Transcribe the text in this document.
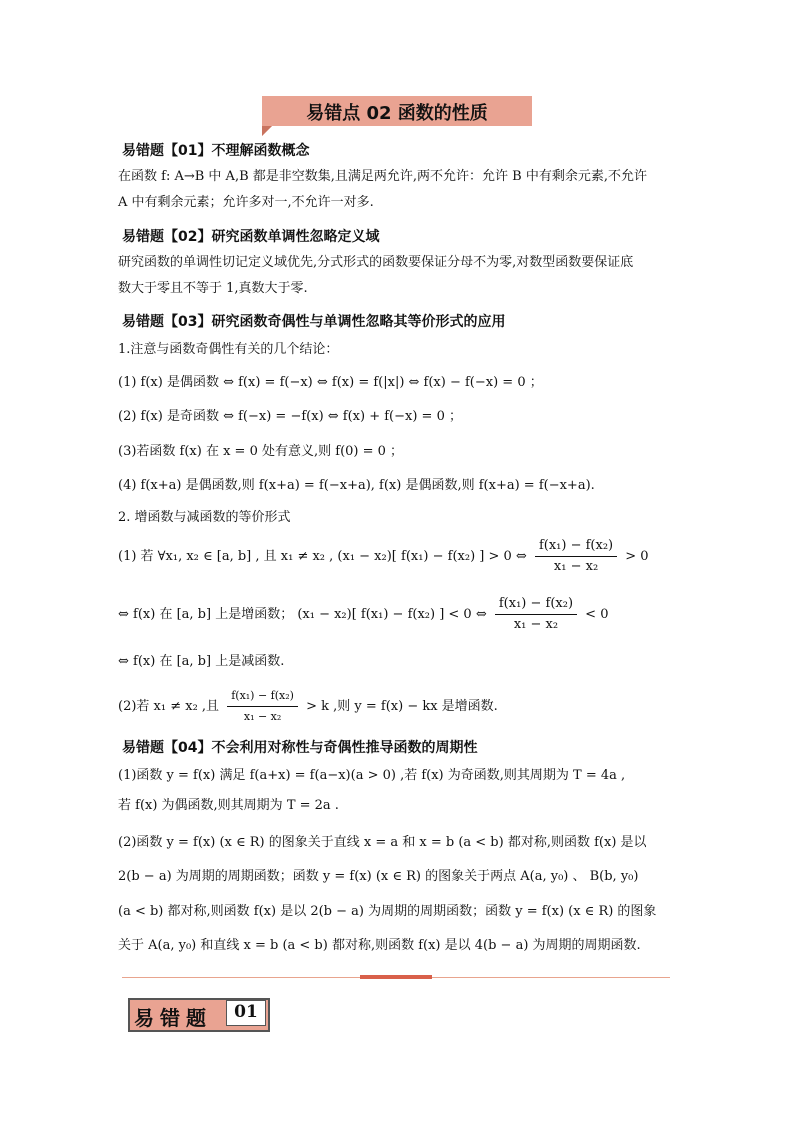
易错点 02 函数的性质
易错题【01】不理解函数概念
在函数 f: A→B 中 A,B 都是非空数集,且满足两允许,两不允许：允许 B 中有剩余元素,不允许
A 中有剩余元素；允许多对一,不允许一对多.
易错题【02】研究函数单调性忽略定义域
研究函数的单调性切记定义域优先,分式形式的函数要保证分母不为零,对数型函数要保证底
数大于零且不等于 1,真数大于零.
易错题【03】研究函数奇偶性与单调性忽略其等价形式的应用
1.注意与函数奇偶性有关的几个结论：
(1) f(x) 是偶函数 ⇔ f(x) = f(−x) ⇔ f(x) = f(|x|) ⇔ f(x) − f(−x) = 0 ；
(2) f(x) 是奇函数 ⇔ f(−x) = −f(x) ⇔ f(x) + f(−x) = 0 ；
(3)若函数 f(x) 在 x = 0 处有意义,则 f(0) = 0 ；
(4) f(x+a) 是偶函数,则 f(x+a) = f(−x+a), f(x) 是偶函数,则 f(x+a) = f(−x+a).
2. 增函数与减函数的等价形式
(1) 若 ∀x₁, x₂ ∈ [a, b] , 且 x₁ ≠ x₂ , (x₁ − x₂)[ f(x₁) − f(x₂) ] > 0 ⇔ $\frac{\text{f(x₁) − f(x₂)}}{\text{x₁ − x₂}} > 0$
⇔ f(x) 在 [a, b] 上是增函数； (x₁ − x₂)[ f(x₁) − f(x₂) ] < 0 ⇔ $\frac{\text{f(x₁) − f(x₂)}}{\text{x₁ − x₂}} < 0$
⇔ f(x) 在 [a, b] 上是减函数.
(2)若 x₁ ≠ x₂ ,且 $\frac{\text{f(x₁) − f(x₂)}}{\text{x₁ − x₂}} > k$ ,则 y = f(x) − kx 是增函数.
易错题【04】不会利用对称性与奇偶性推导函数的周期性
(1)函数 y = f(x) 满足 f(a+x) = f(a−x)(a > 0) ,若 f(x) 为奇函数,则其周期为 T = 4a ,
若 f(x) 为偶函数,则其周期为 T = 2a .
(2)函数 y = f(x) (x ∈ R) 的图象关于直线 x = a 和 x = b (a < b) 都对称,则函数 f(x) 是以
2(b − a) 为周期的周期函数；函数 y = f(x) (x ∈ R) 的图象关于两点 A(a, y₀) 、 B(b, y₀)
(a < b) 都对称,则函数 f(x) 是以 2(b − a) 为周期的周期函数；函数 y = f(x) (x ∈ R) 的图象
关于 A(a, y₀) 和直线 x = b (a < b) 都对称,则函数 f(x) 是以 4(b − a) 为周期的周期函数.
易错题	01
